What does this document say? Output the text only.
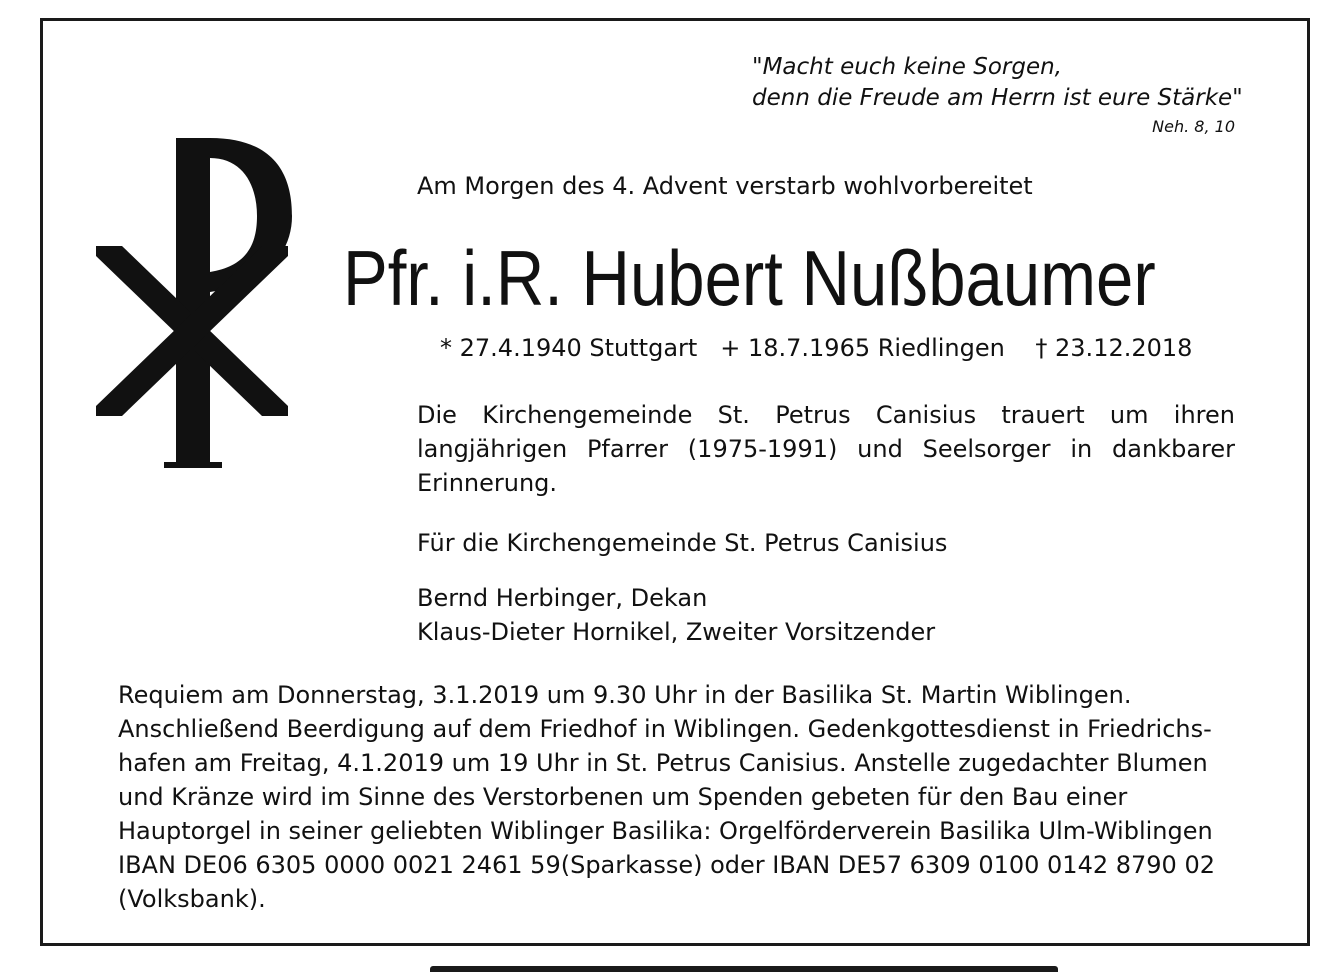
"Macht euch keine Sorgen,
denn die Freude am Herrn ist eure Stärke"
Neh. 8, 10
Am Morgen des 4. Advent verstarb wohlvorbereitet
Pfr. i.R. Hubert Nußbaumer
* 27.4.1940 Stuttgart + 18.7.1965 Riedlingen † 23.12.2018
Die Kirchengemeinde St. Petrus Canisius trauert um ihren langjährigen Pfarrer (1975-1991) und Seelsorger in dankbarer Erinnerung.
Für die Kirchengemeinde St. Petrus Canisius
Bernd Herbinger, Dekan
Klaus-Dieter Hornikel, Zweiter Vorsitzender
Requiem am Donnerstag, 3.1.2019 um 9.30 Uhr in der Basilika St. Martin Wiblingen.
Anschließend Beerdigung auf dem Friedhof in Wiblingen. Gedenkgottesdienst in Friedrichs-
hafen am Freitag, 4.1.2019 um 19 Uhr in St. Petrus Canisius. Anstelle zugedachter Blumen
und Kränze wird im Sinne des Verstorbenen um Spenden gebeten für den Bau einer
Hauptorgel in seiner geliebten Wiblinger Basilika: Orgelförderverein Basilika Ulm-Wiblingen
IBAN DE06 6305 0000 0021 2461 59(Sparkasse) oder IBAN DE57 6309 0100 0142 8790 02
(Volksbank).
